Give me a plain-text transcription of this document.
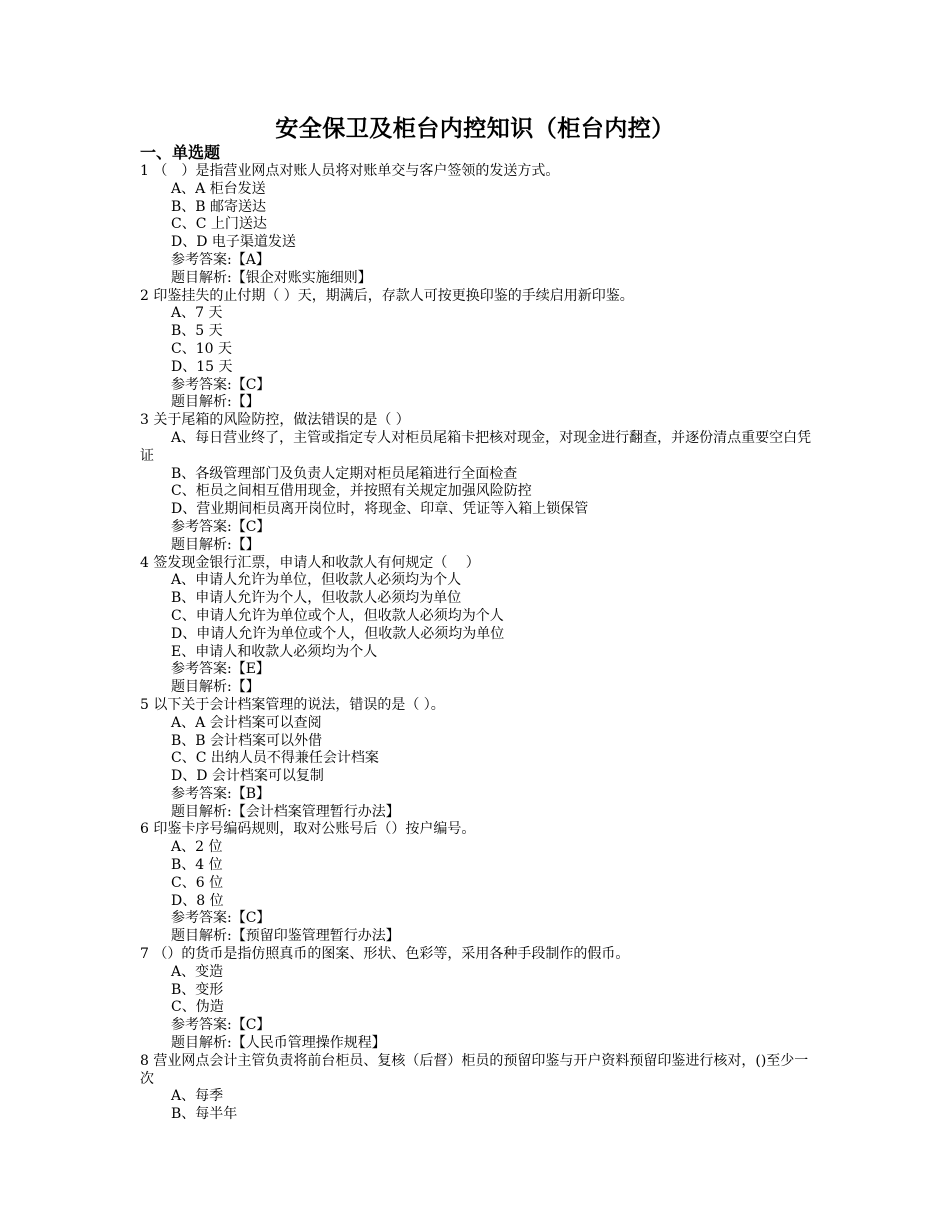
安全保卫及柜台内控知识（柜台内控）
一、单选题
1 （　）是指营业网点对账人员将对账单交与客户签领的发送方式。
A、A 柜台发送
B、B 邮寄送达
C、C 上门送达
D、D 电子渠道发送
参考答案:【A】
题目解析:【银企对账实施细则】
2 印鉴挂失的止付期（ ）天，期满后，存款人可按更换印鉴的手续启用新印鉴。
A、7 天
B、5 天
C、10 天
D、15 天
参考答案:【C】
题目解析:【】
3 关于尾箱的风险防控，做法错误的是（ ）
A、每日营业终了，主管或指定专人对柜员尾箱卡把核对现金，对现金进行翻查，并逐份清点重要空白凭证
B、各级管理部门及负责人定期对柜员尾箱进行全面检查
C、柜员之间相互借用现金，并按照有关规定加强风险防控
D、营业期间柜员离开岗位时，将现金、印章、凭证等入箱上锁保管
参考答案:【C】
题目解析:【】
4 签发现金银行汇票，申请人和收款人有何规定（　 ）
A、申请人允许为单位，但收款人必须均为个人
B、申请人允许为个人，但收款人必须均为单位
C、申请人允许为单位或个人，但收款人必须均为个人
D、申请人允许为单位或个人，但收款人必须均为单位
E、申请人和收款人必须均为个人
参考答案:【E】
题目解析:【】
5 以下关于会计档案管理的说法，错误的是（ ）。
A、A 会计档案可以查阅
B、B 会计档案可以外借
C、C 出纳人员不得兼任会计档案
D、D 会计档案可以复制
参考答案:【B】
题目解析:【会计档案管理暂行办法】
6 印鉴卡序号编码规则，取对公账号后（）按户编号。
A、2 位
B、4 位
C、6 位
D、8 位
参考答案:【C】
题目解析:【预留印鉴管理暂行办法】
7 （）的货币是指仿照真币的图案、形状、色彩等，采用各种手段制作的假币。
A、变造
B、变形
C、伪造
参考答案:【C】
题目解析:【人民币管理操作规程】
8 营业网点会计主管负责将前台柜员、复核（后督）柜员的预留印鉴与开户资料预留印鉴进行核对，()至少一次
A、每季
B、每半年
